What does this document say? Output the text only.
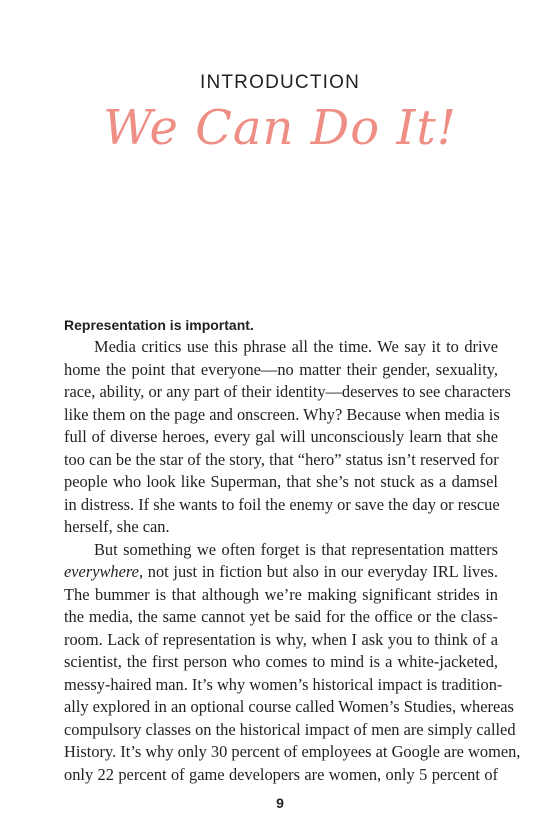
INTRODUCTION
We Can Do It!

Representation is important.

Media critics use this phrase all the time. We say it to drive
home the point that everyone—no matter their gender, sexuality,
race, ability, or any part of their identity—deserves to see characters
like them on the page and onscreen. Why? Because when media is
full of diverse heroes, every gal will unconsciously learn that she
too can be the star of the story, that “hero” status isn’t reserved for
people who look like Superman, that she’s not stuck as a damsel
in distress. If she wants to foil the enemy or save the day or rescue
herself, she can.
But something we often forget is that representation matters
everywhere, not just in fiction but also in our everyday IRL lives.
The bummer is that although we’re making significant strides in
the media, the same cannot yet be said for the office or the class-
room. Lack of representation is why, when I ask you to think of a
scientist, the first person who comes to mind is a white-jacketed,
messy-haired man. It’s why women’s historical impact is tradition-
ally explored in an optional course called Women’s Studies, whereas
compulsory classes on the historical impact of men are simply called
History. It’s why only 30 percent of employees at Google are women,
only 22 percent of game developers are women, only 5 percent of
9
